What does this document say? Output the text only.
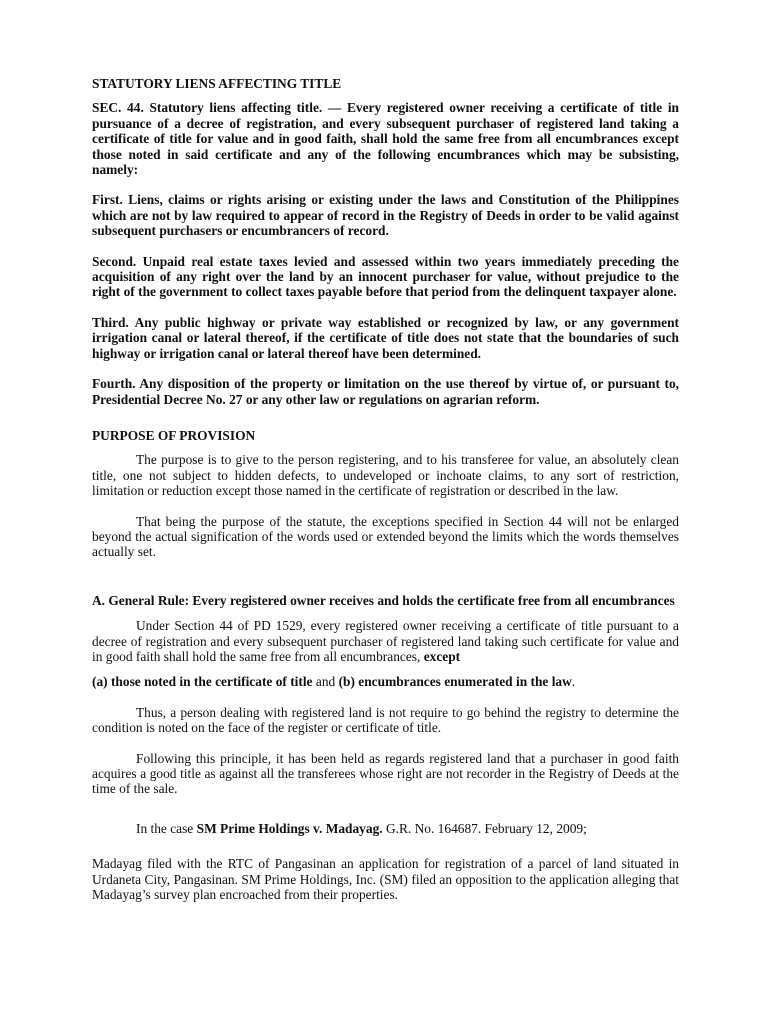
STATUTORY LIENS AFFECTING TITLE

SEC. 44. Statutory liens affecting title. — Every registered owner receiving a certificate of title in pursuance of a decree of registration, and every subsequent purchaser of registered land taking a certificate of title for value and in good faith, shall hold the same free from all encumbrances except those noted in said certificate and any of the following encumbrances which may be subsisting, namely:

First. Liens, claims or rights arising or existing under the laws and Constitution of the Philippines which are not by law required to appear of record in the Registry of Deeds in order to be valid against subsequent purchasers or encumbrancers of record.

Second. Unpaid real estate taxes levied and assessed within two years immediately preceding the acquisition of any right over the land by an innocent purchaser for value, without prejudice to the right of the government to collect taxes payable before that period from the delinquent taxpayer alone.

Third. Any public highway or private way established or recognized by law, or any government irrigation canal or lateral thereof, if the certificate of title does not state that the boundaries of such highway or irrigation canal or lateral thereof have been determined.

Fourth. Any disposition of the property or limitation on the use thereof by virtue of, or pursuant to, Presidential Decree No. 27 or any other law or regulations on agrarian reform.

PURPOSE OF PROVISION

The purpose is to give to the person registering, and to his transferee for value, an absolutely clean title, one not subject to hidden defects, to undeveloped or inchoate claims, to any sort of restriction, limitation or reduction except those named in the certificate of registration or described in the law.

That being the purpose of the statute, the exceptions specified in Section 44 will not be enlarged beyond the actual signification of the words used or extended beyond the limits which the words themselves actually set.

A. General Rule: Every registered owner receives and holds the certificate free from all encumbrances

Under Section 44 of PD 1529, every registered owner receiving a certificate of title pursuant to a decree of registration and every subsequent purchaser of registered land taking such certificate for value and in good faith shall hold the same free from all encumbrances, except

(a) those noted in the certificate of title and (b) encumbrances enumerated in the law.

Thus, a person dealing with registered land is not require to go behind the registry to determine the condition is noted on the face of the register or certificate of title.

Following this principle, it has been held as regards registered land that a purchaser in good faith acquires a good title as against all the transferees whose right are not recorder in the Registry of Deeds at the time of the sale.

In the case SM Prime Holdings v. Madayag. G.R. No. 164687. February 12, 2009;

Madayag filed with the RTC of Pangasinan an application for registration of a parcel of land situated in Urdaneta City, Pangasinan. SM Prime Holdings, Inc. (SM) filed an opposition to the application alleging that Madayag’s survey plan encroached from their properties.
